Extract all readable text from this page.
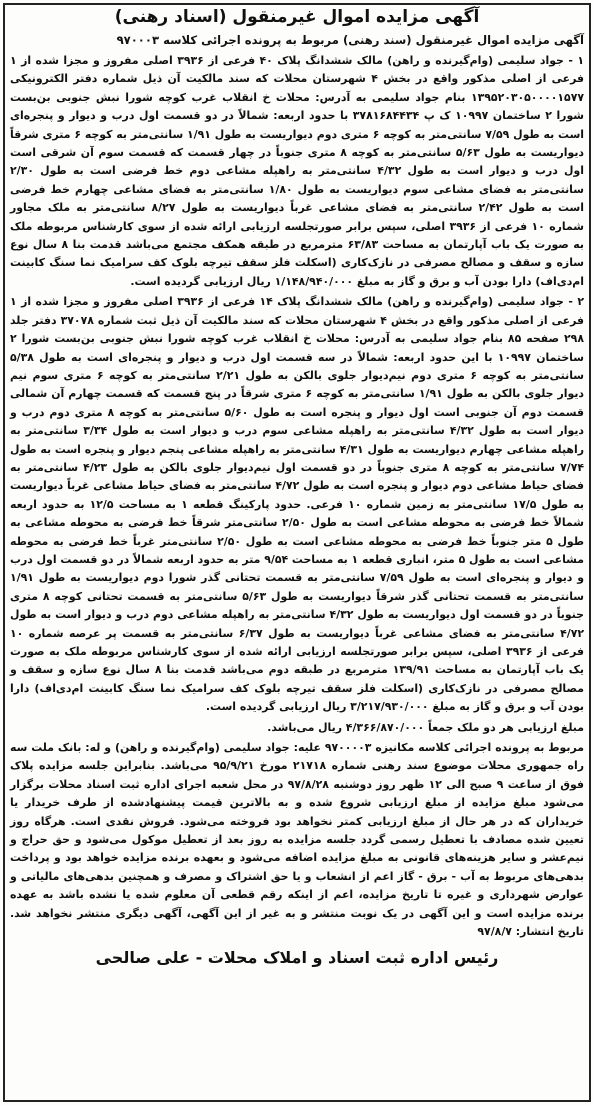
آگهی مزایده اموال غیرمنقول (اسناد رهنی)

آگهی مزایده اموال غیرمنقول (سند رهنی) مربوط به پرونده اجرائی کلاسه ۹۷۰۰۰۳

۱ - جواد سلیمی (وام‌گیرنده و راهن) مالک ششدانگ پلاک ۴۰ فرعی از ۳۹۳۶ اصلی مفروز و مجزا شده از ۱ فرعی از اصلی مذکور واقع در بخش ۴ شهرستان محلات که سند مالکیت آن ذیل شماره دفتر الکترونیکی ۱۳۹۵۲۰۳۰۵۰۰۰۰۱۵۷۷ بنام جواد سلیمی به آدرس: محلات خ انقلاب غرب کوچه شورا نبش جنوبی بن‌بست شورا ۲ ساختمان ۱۰۹۹۷ ک ‌پ ۳۷۸۱۶۸۴۴۳۴ با حدود اربعه: شمالاً در دو قسمت اول درب و دیوار و پنجره‌ای است به طول ۷/۵۹ سانتی‌متر به کوچه ۶ متری دوم دیواریست به طول ۱/۹۱ سانتی‌متر به کوچه ۶ متری شرقاً دیواریست به طول ۵/۶۳ سانتی‌متر به کوچه ۸ متری جنوباً در چهار قسمت که قسمت سوم آن شرقی است اول درب و دیوار است به طول ۴/۳۲ سانتی‌متر به راهپله مشاعی دوم خط فرضی است به طول ۲/۳۰ سانتی‌متر به فضای مشاعی سوم دیواریست به طول ۱/۸۰ سانتی‌متر به فضای مشاعی چهارم خط فرضی است به طول ۲/۴۲ سانتی‌متر به فضای مشاعی غرباً دیواریست به طول ۸/۲۷ سانتی‌متر به ملک مجاور شماره ۱۰ فرعی از ۳۹۳۶ اصلی، سپس برابر صورتجلسه ارزیابی ارائه شده از سوی کارشناس مربوطه ملک به صورت یک باب آپارتمان به مساحت ۶۳/۸۳ مترمربع در طبقه همکف مجتمع می‌باشد قدمت بنا ۸ سال نوع سازه و سقف و مصالح مصرفی در نازک‌کاری (اسکلت فلز سقف تیرچه بلوک کف سرامیک نما سنگ کابینت ام‌دی‌اف) دارا بودن آب و برق و گاز به مبلغ ۱/۱۴۸/۹۴۰/۰۰۰ ریال ارزیابی گردیده است.

۲ - جواد سلیمی (وام‌گیرنده و راهن) مالک ششدانگ پلاک ۱۴ فرعی از ۳۹۳۶ اصلی مفروز و مجزا شده از ۱ فرعی از اصلی مذکور واقع در بخش ۴ شهرستان محلات که سند مالکیت آن ذیل ثبت شماره ۳۷۰۷۸ دفتر جلد ۲۹۸ صفحه ۸۵ بنام جواد سلیمی به آدرس: محلات خ انقلاب غرب کوچه شورا نبش جنوبی بن‌بست شورا ۲ ساختمان ۱۰۹۹۷ با این حدود اربعه: شمالاً در سه قسمت اول درب و دیوار و پنجره‌ای است به طول ۵/۳۸ سانتی‌متر به کوچه ۶ متری دوم نیم‌دیوار جلوی بالکن به طول ۲/۲۱ سانتی‌متر به کوچه ۶ متری سوم نیم دیوار جلوی بالکن به طول ۱/۹۱ سانتی‌متر به کوچه ۶ متری شرقاً در پنج قسمت که قسمت چهارم آن شمالی قسمت دوم آن جنوبی است اول دیوار و پنجره است به طول ۵/۶۰ سانتی‌متر به کوچه ۸ متری دوم درب و دیوار است به طول ۴/۳۲ سانتی‌متر به راهپله مشاعی سوم درب و دیوار است به طول ۳/۳۴ سانتی‌متر به راهپله مشاعی چهارم دیواریست به طول ۴/۳۱ سانتی‌متر به راهپله مشاعی پنجم دیوار و پنجره است به طول ۷/۷۴ سانتی‌متر به کوچه ۸ متری جنوباً در دو قسمت اول نیم‌دیوار جلوی بالکن به طول ۴/۲۳ سانتی‌متر به فضای حیاط مشاعی دوم دیوار و پنجره است به طول ۴/۷۲ سانتی‌متر به فضای حیاط مشاعی غرباً دیواریست به طول ۱۷/۵ سانتی‌متر به زمین شماره ۱۰ فرعی. حدود پارکینگ قطعه ۱ به مساحت ۱۲/۵ به حدود اربعه شمالاً خط فرضی به محوطه مشاعی است به طول ۲/۵۰ سانتی‌متر شرقاً خط فرضی به محوطه مشاعی به طول ۵ متر جنوباً خط فرضی به محوطه مشاعی است به طول ۲/۵۰ سانتی‌متر غرباً خط فرضی به محوطه مشاعی است به طول ۵ متر، انباری قطعه ۱ به مساحت ۹/۵۴ متر به حدود اربعه شمالاً در دو قسمت اول درب و دیوار و پنجره‌ای است به طول ۷/۵۹ سانتی‌متر به قسمت تحتانی گذر شورا دوم دیواریست به طول ۱/۹۱ سانتی‌متر به قسمت تحتانی گذر شرقاً دیواریست به طول ۵/۶۳ سانتی‌متر به قسمت تحتانی کوچه ۸ متری جنوباً در دو قسمت اول دیواریست به طول ۴/۳۲ سانتی‌متر به راهپله مشاعی دوم درب و دیوار است به طول ۴/۷۲ سانتی‌متر به فضای مشاعی غرباً دیواریست به طول ۶/۳۷ سانتی‌متر به قسمت پر عرصه شماره ۱۰ فرعی از ۳۹۳۶ اصلی، سپس برابر صورتجلسه ارزیابی ارائه شده از سوی کارشناس مربوطه ملک به صورت یک باب آپارتمان به مساحت ۱۳۹/۹۱ مترمربع در طبقه دوم می‌باشد قدمت بنا ۸ سال نوع سازه و سقف و مصالح مصرفی در نازک‌کاری (اسکلت فلز سقف تیرچه بلوک کف سرامیک نما سنگ کابینت ام‌دی‌اف) دارا بودن آب و برق و گاز به مبلغ ۳/۲۱۷/۹۳۰/۰۰۰ ریال ارزیابی گردیده است.

مبلغ ارزیابی هر دو ملک جمعاً ۴/۳۶۶/۸۷۰/۰۰۰ ریال می‌باشد.

مربوط به پرونده اجرائی کلاسه مکانیزه ۹۷۰۰۰۰۳ علیه: جواد سلیمی (وام‌گیرنده و راهن) و له: بانک ملت سه راه جمهوری محلات موضوع سند رهنی شماره ۲۱۷۱۸ مورخ ۹۵/۹/۲۱ می‌باشد. بنابراین جلسه مزایده پلاک فوق از ساعت ۹ صبح الی ۱۲ ظهر روز دوشنبه ۹۷/۸/۲۸ در محل شعبه اجرای اداره ثبت اسناد محلات برگزار می‌شود مبلغ مزایده از مبلغ ارزیابی شروع شده و به بالاترین قیمت پیشنهادشده از طرف خریدار یا خریداران که در هر حال از مبلغ ارزیابی کمتر نخواهد بود فروخته می‌شود. فروش نقدی است. هرگاه روز تعیین شده مصادف با تعطیل رسمی گردد جلسه مزایده به روز بعد از تعطیل موکول می‌شود و حق حراج و نیم‌عشر و سایر هزینه‌های قانونی به مبلغ مزایده اضافه می‌شود و بعهده برنده مزایده خواهد بود و پرداخت بدهی‌های مربوط به آب - برق - گاز اعم از انشعاب و یا حق اشتراک و مصرف و همچنین بدهی‌های مالیاتی و عوارض شهرداری و غیره تا تاریخ مزایده، اعم از اینکه رقم قطعی آن معلوم شده یا نشده باشد به عهده برنده مزایده است و این آگهی در یک نوبت منتشر و به غیر از این آگهی، آگهی دیگری منتشر نخواهد شد. تاریخ انتشار: ۹۷/۸/۷

رئیس اداره ثبت اسناد و املاک محلات - علی صالحی
